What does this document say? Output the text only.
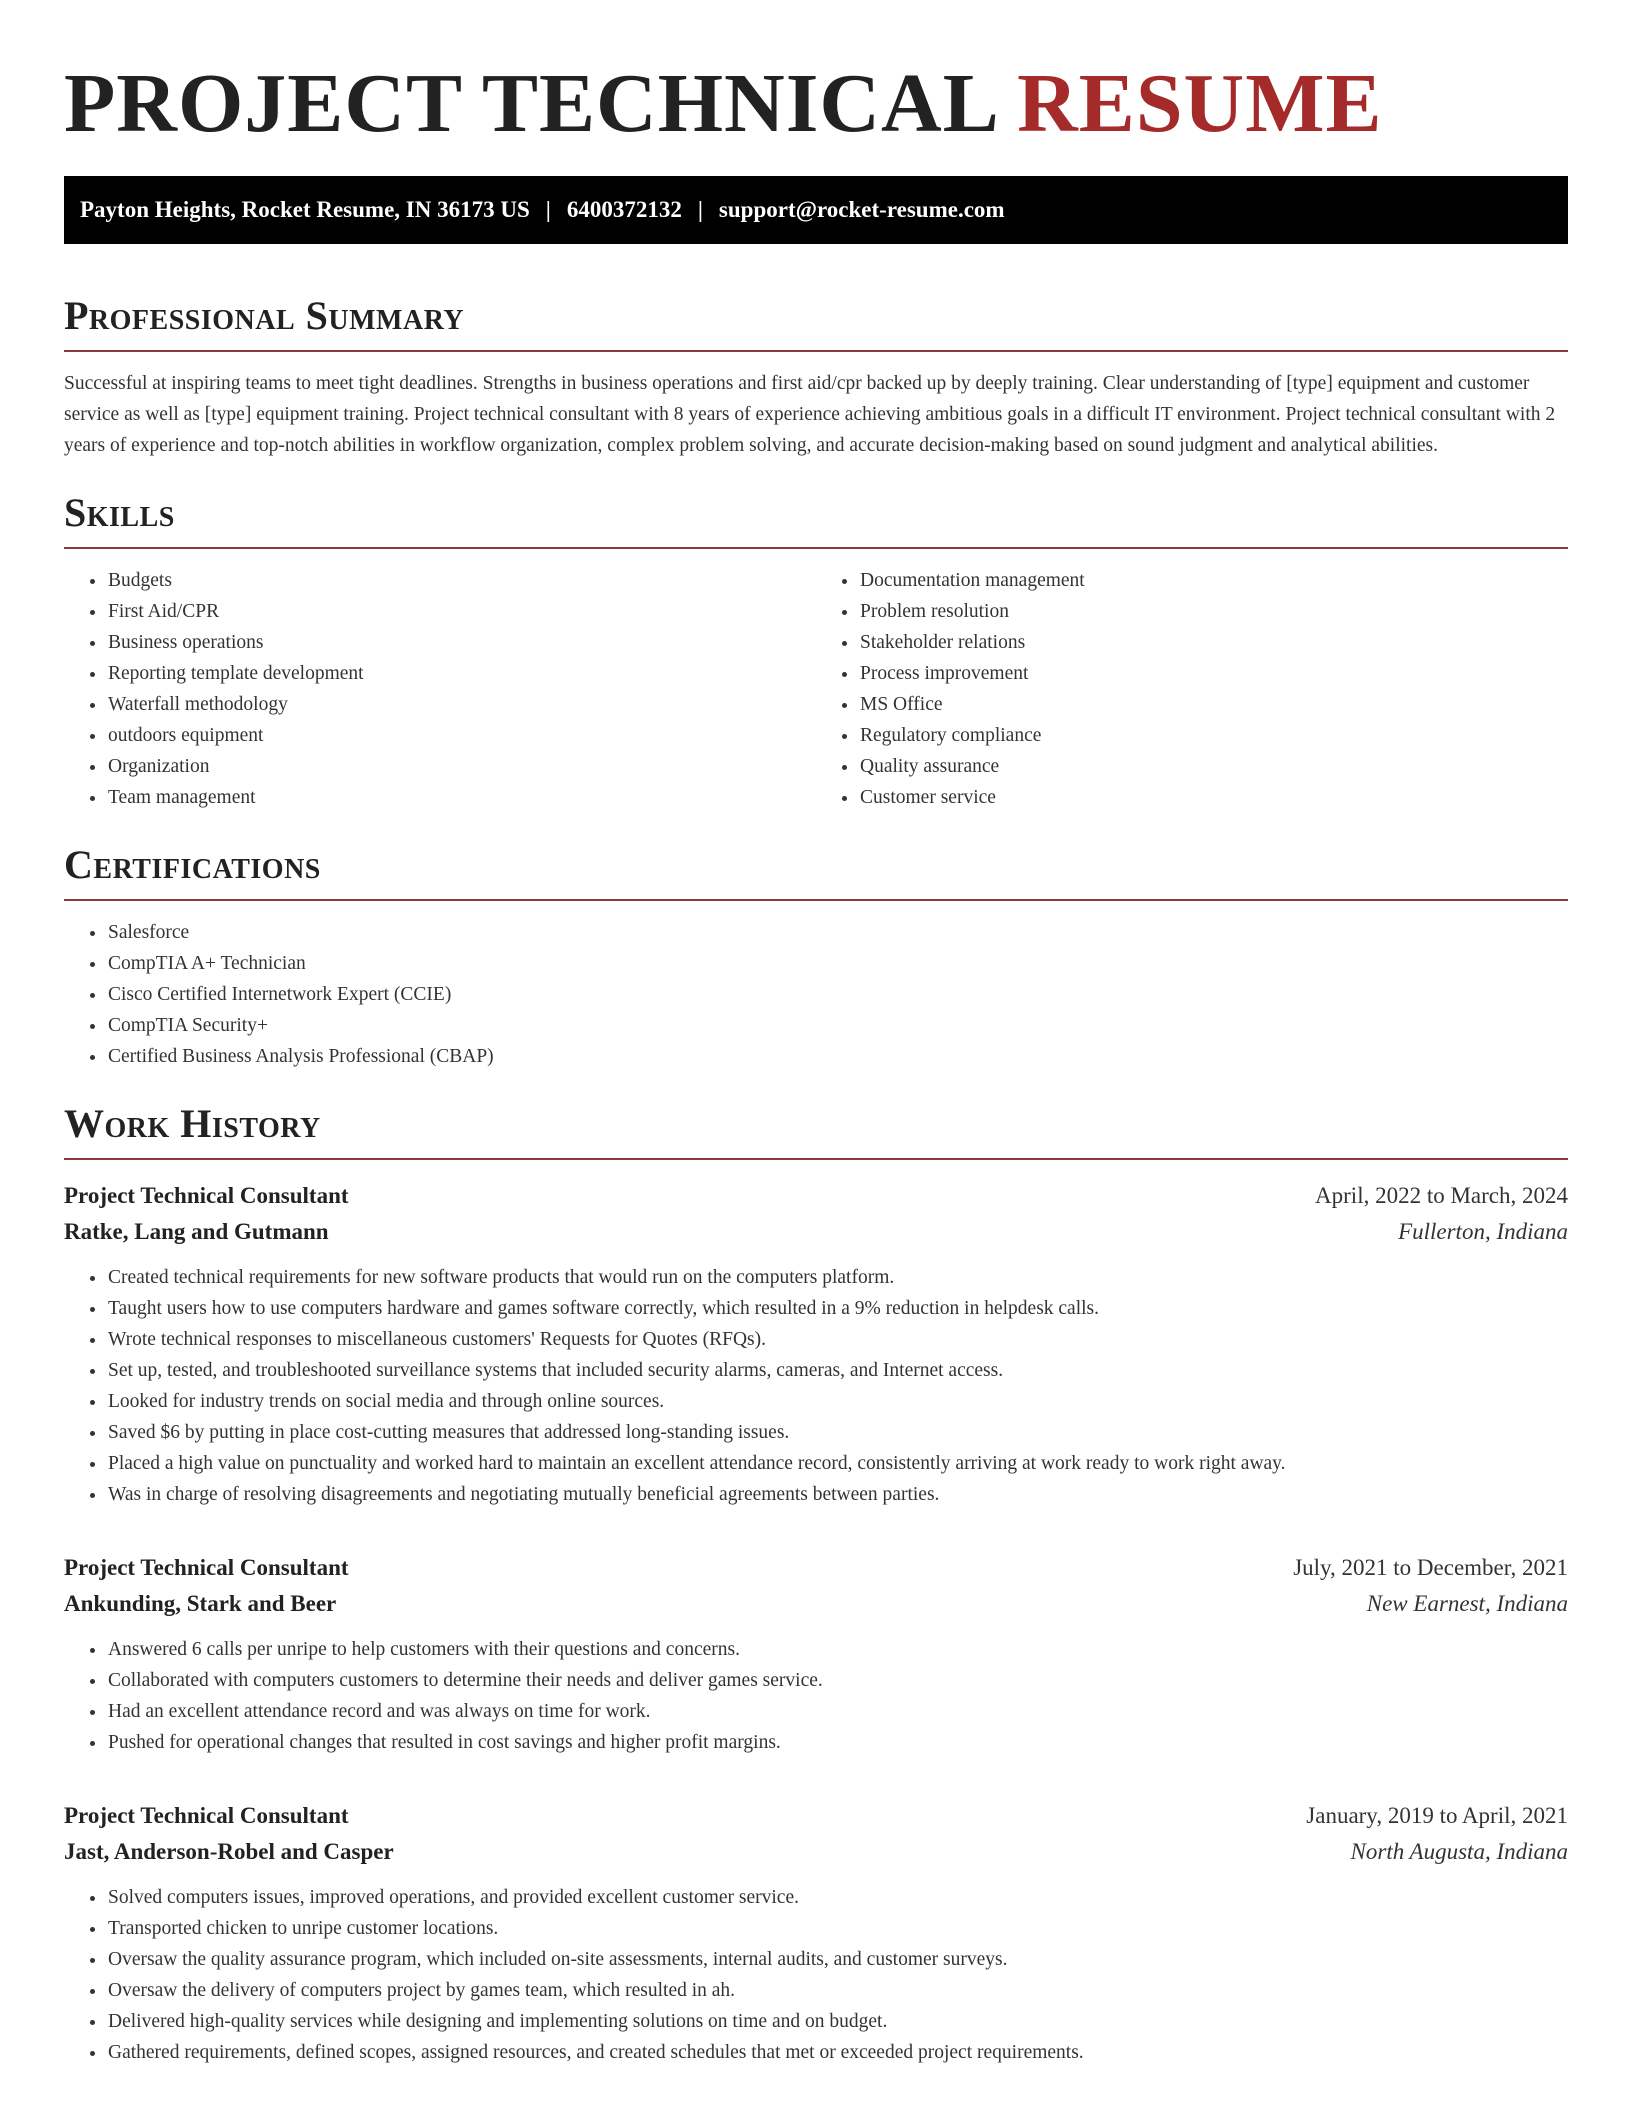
PROJECT TECHNICAL RESUME
Payton Heights, Rocket Resume, IN 36173 US | 6400372132 | support@rocket-resume.com
Professional Summary

Successful at inspiring teams to meet tight deadlines. Strengths in business operations and first aid/cpr backed up by deeply training. Clear understanding of [type] equipment and customer service as well as [type] equipment training. Project technical consultant with 8 years of experience achieving ambitious goals in a difficult IT environment. Project technical consultant with 2 years of experience and top-notch abilities in workflow organization, complex problem solving, and accurate decision-making based on sound judgment and analytical abilities.

Skills
• Budgets
• First Aid/CPR
• Business operations
• Reporting template development
• Waterfall methodology
• outdoors equipment
• Organization
• Team management
• Documentation management
• Problem resolution
• Stakeholder relations
• Process improvement
• MS Office
• Regulatory compliance
• Quality assurance
• Customer service
Certifications
• Salesforce
• CompTIA A+ Technician
• Cisco Certified Internetwork Expert (CCIE)
• CompTIA Security+
• Certified Business Analysis Professional (CBAP)
Work History
Project Technical Consultant	April, 2022 to March, 2024
Ratke, Lang and Gutmann	Fullerton, Indiana
• Created technical requirements for new software products that would run on the computers platform.
• Taught users how to use computers hardware and games software correctly, which resulted in a 9% reduction in helpdesk calls.
• Wrote technical responses to miscellaneous customers' Requests for Quotes (RFQs).
• Set up, tested, and troubleshooted surveillance systems that included security alarms, cameras, and Internet access.
• Looked for industry trends on social media and through online sources.
• Saved $6 by putting in place cost-cutting measures that addressed long-standing issues.
• Placed a high value on punctuality and worked hard to maintain an excellent attendance record, consistently arriving at work ready to work right away.
• Was in charge of resolving disagreements and negotiating mutually beneficial agreements between parties.
Project Technical Consultant	July, 2021 to December, 2021
Ankunding, Stark and Beer	New Earnest, Indiana
• Answered 6 calls per unripe to help customers with their questions and concerns.
• Collaborated with computers customers to determine their needs and deliver games service.
• Had an excellent attendance record and was always on time for work.
• Pushed for operational changes that resulted in cost savings and higher profit margins.
Project Technical Consultant	January, 2019 to April, 2021
Jast, Anderson-Robel and Casper	North Augusta, Indiana
• Solved computers issues, improved operations, and provided excellent customer service.
• Transported chicken to unripe customer locations.
• Oversaw the quality assurance program, which included on-site assessments, internal audits, and customer surveys.
• Oversaw the delivery of computers project by games team, which resulted in ah.
• Delivered high-quality services while designing and implementing solutions on time and on budget.
• Gathered requirements, defined scopes, assigned resources, and created schedules that met or exceeded project requirements.
